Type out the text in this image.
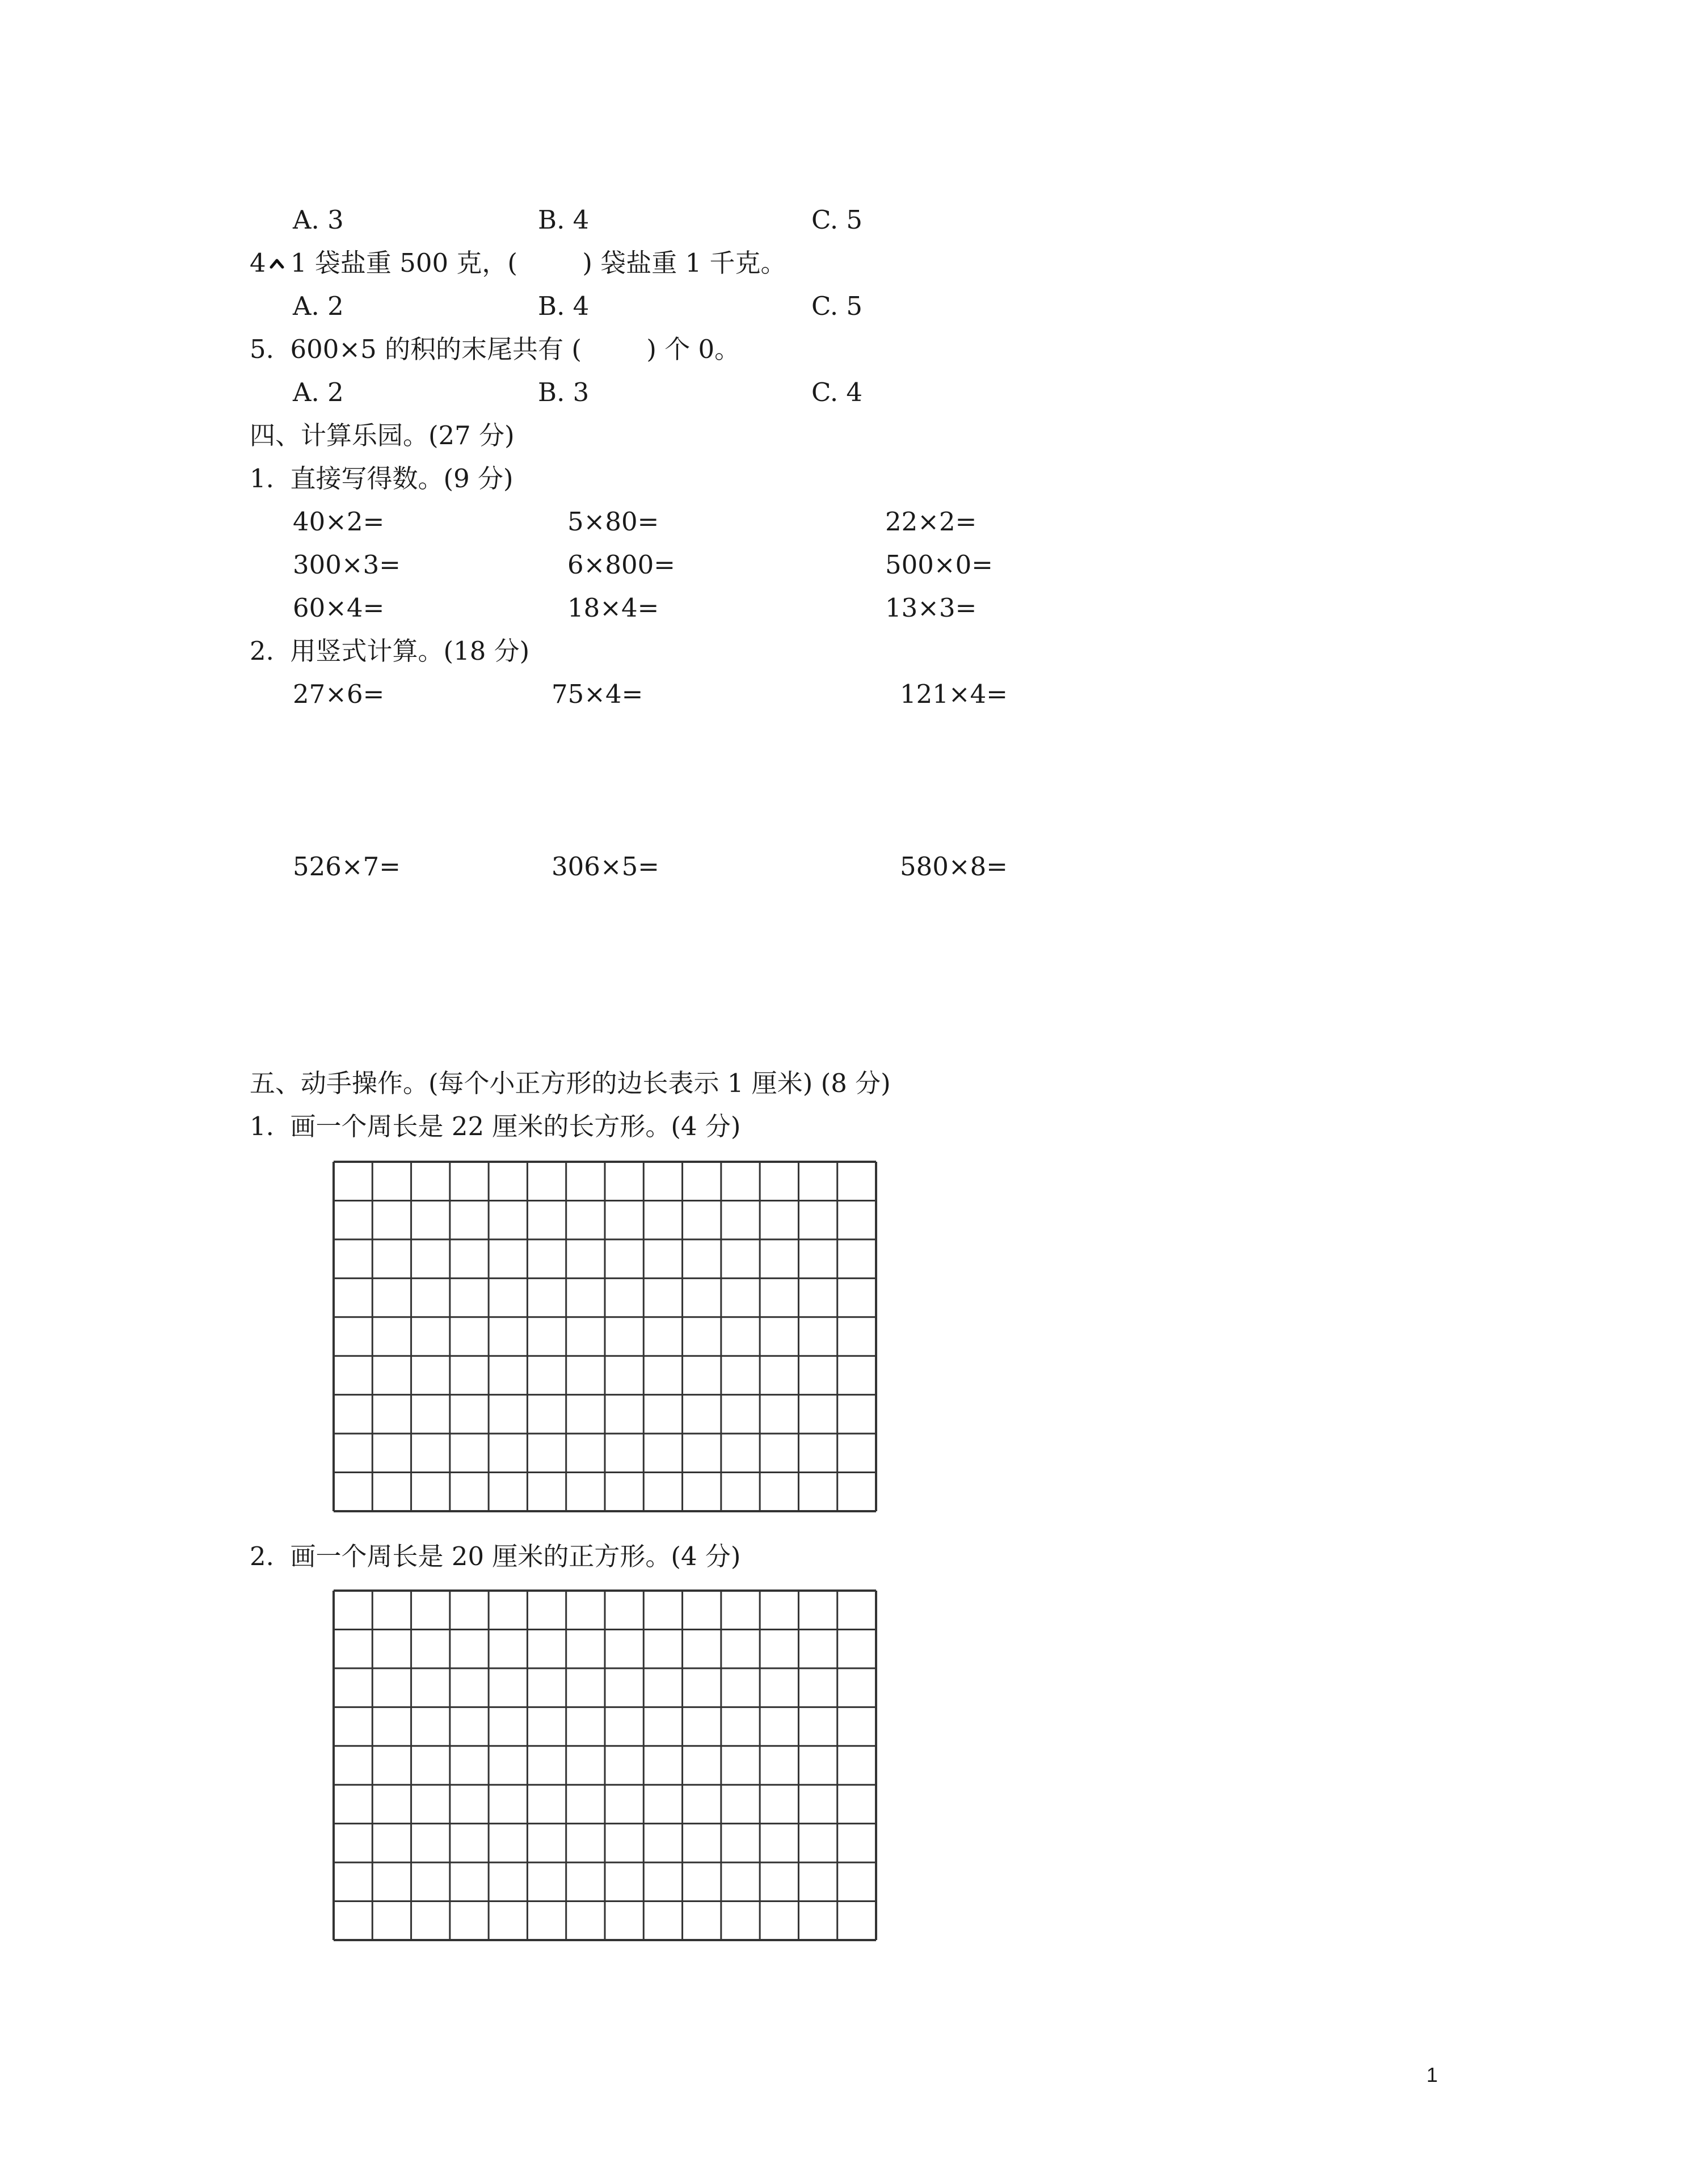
A. 3	B. 4	C. 5
4 1 袋盐重 500 克，(        ) 袋盐重 1 千克。
A. 2	B. 4	C. 5
5.  600×5 的积的末尾共有 (        ) 个 0。
A. 2	B. 3	C. 4
四、计算乐园。(27 分)
1.  直接写得数。(9 分)
40×2=	5×80=	22×2=
300×3=	6×800=	500×0=
60×4=	18×4=	13×3=
2.  用竖式计算。(18 分)
27×6=	75×4=	121×4=
526×7=	306×5=	580×8=
五、动手操作。(每个小正方形的边长表示 1 厘米) (8 分)
1.  画一个周长是 22 厘米的长方形。(4 分)
2.  画一个周长是 20 厘米的正方形。(4 分)
1
